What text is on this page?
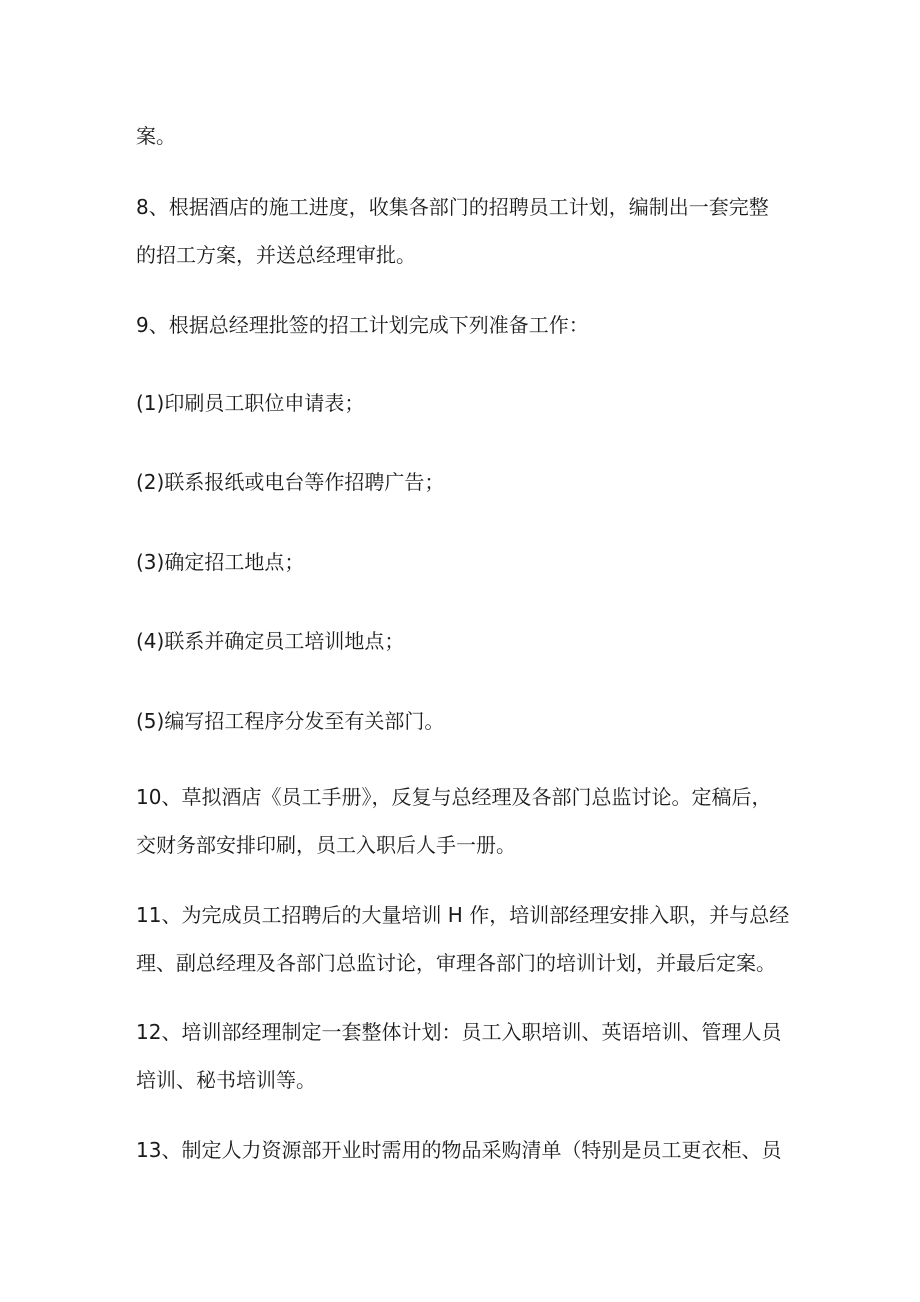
案。

8、根据酒店的施工进度，收集各部门的招聘员工计划，编制出一套完整
的招工方案，并送总经理审批。

9、根据总经理批签的招工计划完成下列准备工作：

(1)印刷员工职位申请表；

(2)联系报纸或电台等作招聘广告；

(3)确定招工地点；

(4)联系并确定员工培训地点；

(5)编写招工程序分发至有关部门。

10、草拟酒店《员工手册》，反复与总经理及各部门总监讨论。定稿后，
交财务部安排印刷，员工入职后人手一册。

11、为完成员工招聘后的大量培训 H 作，培训部经理安排入职，并与总经
理、副总经理及各部门总监讨论，审理各部门的培训计划，并最后定案。

12、培训部经理制定一套整体计划：员工入职培训、英语培训、管理人员
培训、秘书培训等。

13、制定人力资源部开业时需用的物品采购清单（特别是员工更衣柜、员
